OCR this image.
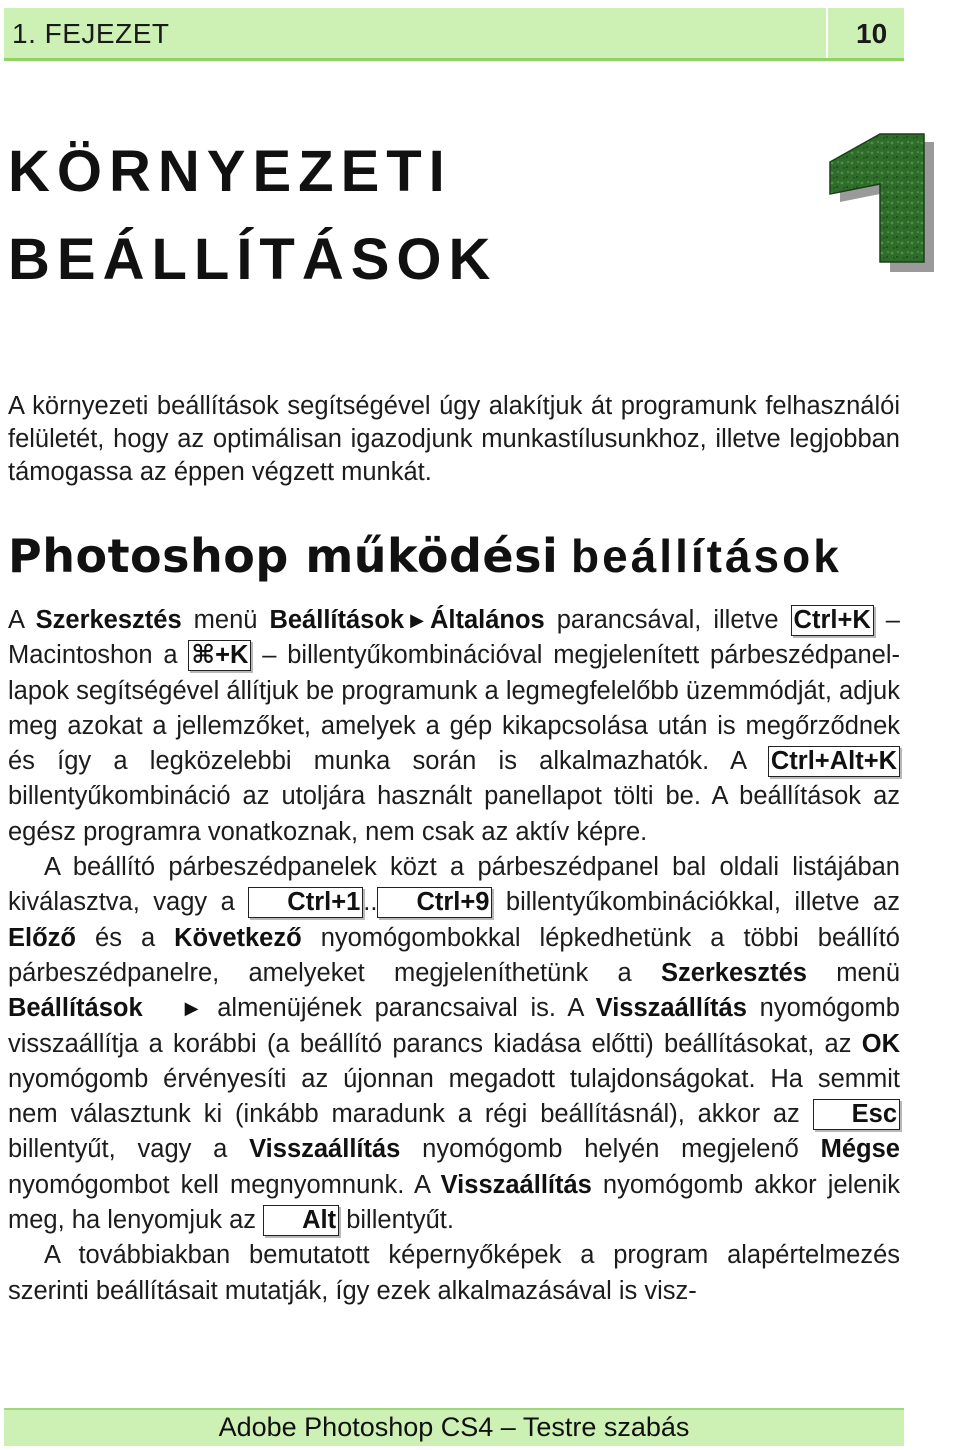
1. FEJEZET	10
KÖRNYEZETI
BEÁLLÍTÁSOK

A környezeti beállítások segítségével úgy alakítjuk át programunk felhasználói felületét, hogy az optimálisan igazodjunk munkastílusunkhoz, illetve legjobban támogassa az éppen végzett munkát.

Photoshop működési beállítások

A Szerkesztés menü Beállítások ▶ Általános parancsával, illetve Ctrl+K – Macintoshon a ⌘+K – billentyűkombinációval megjelenített párbeszédpanel-lapok segítségével állítjuk be programunk a legmegfelelőbb üzemmódját, adjuk meg azokat a jellemzőket, amelyek a gép kikapcsolása után is megőrződnek és így a legközelebbi munka során is alkalmazhatók. A Ctrl+Alt+K billentyűkombináció az utoljára használt panellapot tölti be. A beállítások az egész programra vonatkoznak, nem csak az aktív képre.

A beállító párbeszédpanelek közt a párbeszédpanel bal oldali listájában kiválasztva, vagy a Ctrl+1 .. Ctrl+9 billentyűkombinációkkal, illetve az Előző és a Következő nyomógombokkal lépkedhetünk a többi beállító párbeszédpanelre, amelyeket megjeleníthetünk a Szerkesztés menü Beállítások ▶ almenüjének parancsaival is. A Visszaállítás nyomógomb visszaállítja a korábbi (a beállító parancs kiadása előtti) beállításokat, az OK nyomógomb érvényesíti az újonnan megadott tulajdonságokat. Ha semmit nem választunk ki (inkább maradunk a régi beállításnál), akkor az Esc billentyűt, vagy a Visszaállítás nyomógomb helyén megjelenő Mégse nyomógombot kell megnyomnunk. A Visszaállítás nyomógomb akkor jelenik meg, ha lenyomjuk az Alt billentyűt.

A továbbiakban bemutatott képernyőképek a program alapértelmezés szerinti beállításait mutatják, így ezek alkalmazásával is visz-

Adobe Photoshop CS4 – Testre szabás
